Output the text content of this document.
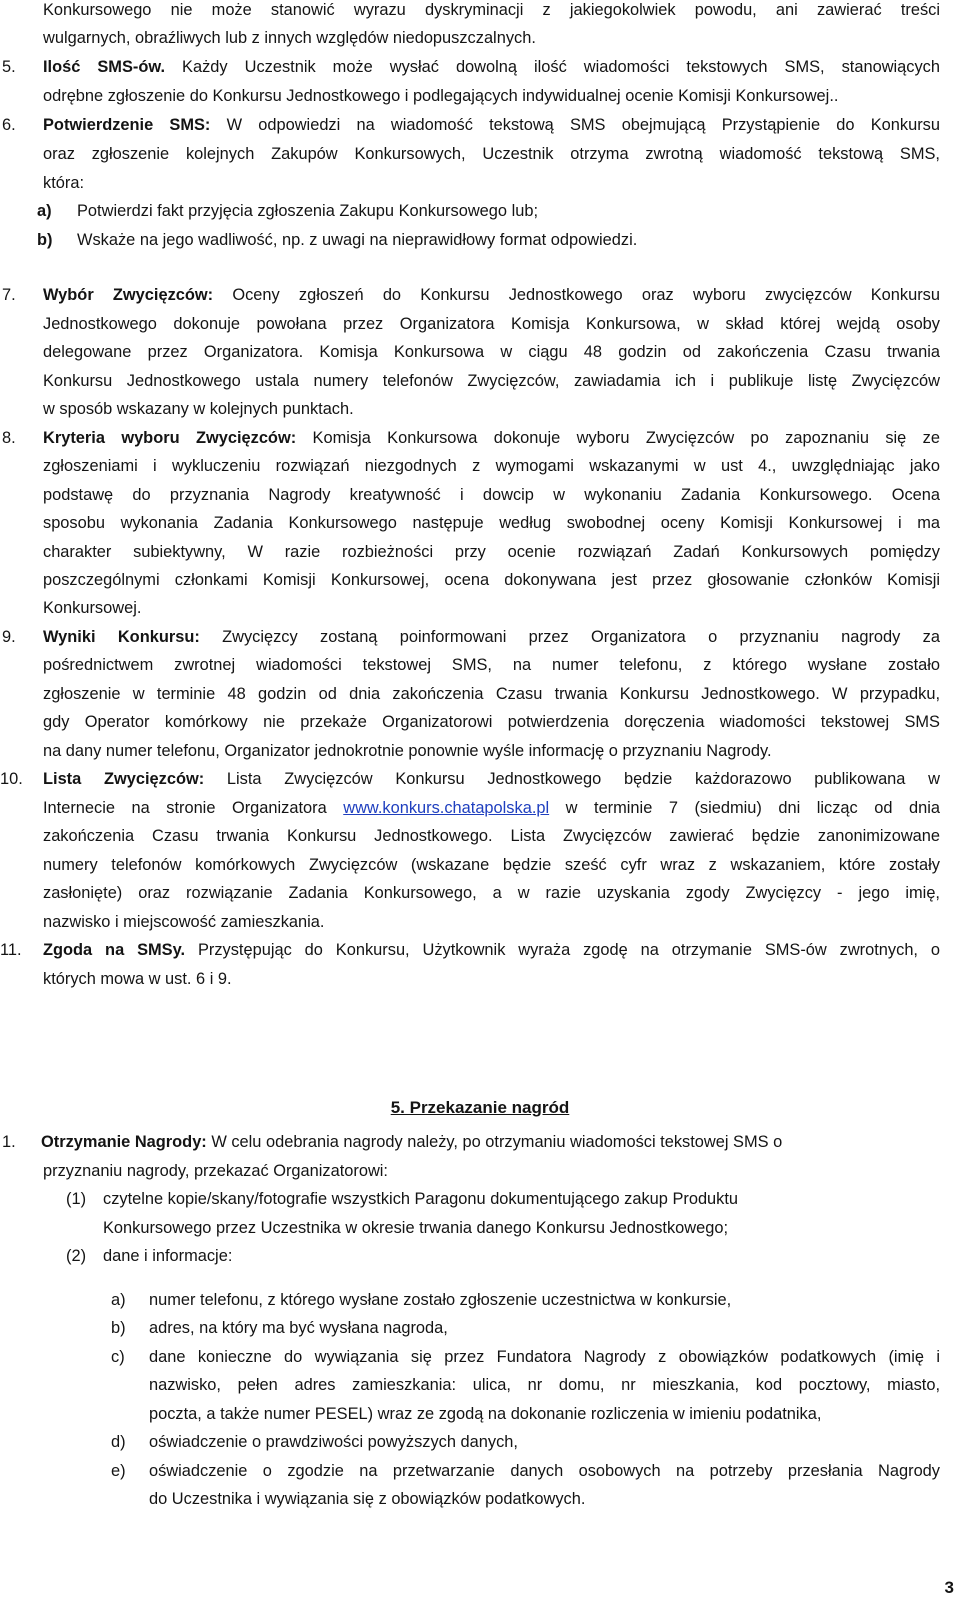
Konkursowego nie może stanowić wyrazu dyskryminacji z jakiegokolwiek powodu, ani zawierać treści
wulgarnych, obraźliwych lub z innych względów niedopuszczalnych.
5. Ilość SMS-ów. Każdy Uczestnik może wysłać dowolną ilość wiadomości tekstowych SMS, stanowiących
odrębne zgłoszenie do Konkursu Jednostkowego i podlegających indywidualnej ocenie Komisji Konkursowej..
6. Potwierdzenie SMS: W odpowiedzi na wiadomość tekstową SMS obejmującą Przystąpienie do Konkursu
oraz zgłoszenie kolejnych Zakupów Konkursowych, Uczestnik otrzyma zwrotną wiadomość tekstową SMS,
która:
a) Potwierdzi fakt przyjęcia zgłoszenia Zakupu Konkursowego lub;
b) Wskaże na jego wadliwość, np. z uwagi na nieprawidłowy format odpowiedzi.
7. Wybór Zwycięzców: Oceny zgłoszeń do Konkursu Jednostkowego oraz wyboru zwycięzców Konkursu
Jednostkowego dokonuje powołana przez Organizatora Komisja Konkursowa, w skład której wejdą osoby
delegowane przez Organizatora. Komisja Konkursowa w ciągu 48 godzin od zakończenia Czasu trwania
Konkursu Jednostkowego ustala numery telefonów Zwycięzców, zawiadamia ich i publikuje listę Zwycięzców
w sposób wskazany w kolejnych punktach.
8. Kryteria wyboru Zwycięzców: Komisja Konkursowa dokonuje wyboru Zwycięzców po zapoznaniu się ze
zgłoszeniami i wykluczeniu rozwiązań niezgodnych z wymogami wskazanymi w ust 4., uwzględniając jako
podstawę do przyznania Nagrody kreatywność i dowcip w wykonaniu Zadania Konkursowego. Ocena
sposobu wykonania Zadania Konkursowego następuje według swobodnej oceny Komisji Konkursowej i ma
charakter subiektywny, W razie rozbieżności przy ocenie rozwiązań Zadań Konkursowych pomiędzy
poszczególnymi członkami Komisji Konkursowej, ocena dokonywana jest przez głosowanie członków Komisji
Konkursowej.
9. Wyniki Konkursu: Zwycięzcy zostaną poinformowani przez Organizatora o przyznaniu nagrody za
pośrednictwem zwrotnej wiadomości tekstowej SMS, na numer telefonu, z którego wysłane zostało
zgłoszenie w terminie 48 godzin od dnia zakończenia Czasu trwania Konkursu Jednostkowego. W przypadku,
gdy Operator komórkowy nie przekaże Organizatorowi potwierdzenia doręczenia wiadomości tekstowej SMS
na dany numer telefonu, Organizator jednokrotnie ponownie wyśle informację o przyznaniu Nagrody.
10. Lista Zwycięzców: Lista Zwycięzców Konkursu Jednostkowego będzie każdorazowo publikowana w
Internecie na stronie Organizatora www.konkurs.chatapolska.pl w terminie 7 (siedmiu) dni licząc od dnia
zakończenia Czasu trwania Konkursu Jednostkowego. Lista Zwycięzców zawierać będzie zanonimizowane
numery telefonów komórkowych Zwycięzców (wskazane będzie sześć cyfr wraz z wskazaniem, które zostały
zasłonięte) oraz rozwiązanie Zadania Konkursowego, a w razie uzyskania zgody Zwycięzcy - jego imię,
nazwisko i miejscowość zamieszkania.
11. Zgoda na SMSy. Przystępując do Konkursu, Użytkownik wyraża zgodę na otrzymanie SMS-ów zwrotnych, o
których mowa w ust. 6 i 9.
5. Przekazanie nagród
1. Otrzymanie Nagrody: W celu odebrania nagrody należy, po otrzymaniu wiadomości tekstowej SMS o
przyznaniu nagrody, przekazać Organizatorowi:
(1) czytelne kopie/skany/fotografie wszystkich Paragonu dokumentującego zakup Produktu
Konkursowego przez Uczestnika w okresie trwania danego Konkursu Jednostkowego;
(2) dane i informacje:
a) numer telefonu, z którego wysłane zostało zgłoszenie uczestnictwa w konkursie,
b) adres, na który ma być wysłana nagroda,
c) dane konieczne do wywiązania się przez Fundatora Nagrody z obowiązków podatkowych (imię i
nazwisko, pełen adres zamieszkania: ulica, nr domu, nr mieszkania, kod pocztowy, miasto,
poczta, a także numer PESEL) wraz ze zgodą na dokonanie rozliczenia w imieniu podatnika,
d) oświadczenie o prawdziwości powyższych danych,
e) oświadczenie o zgodzie na przetwarzanie danych osobowych na potrzeby przesłania Nagrody
do Uczestnika i wywiązania się z obowiązków podatkowych.
3
